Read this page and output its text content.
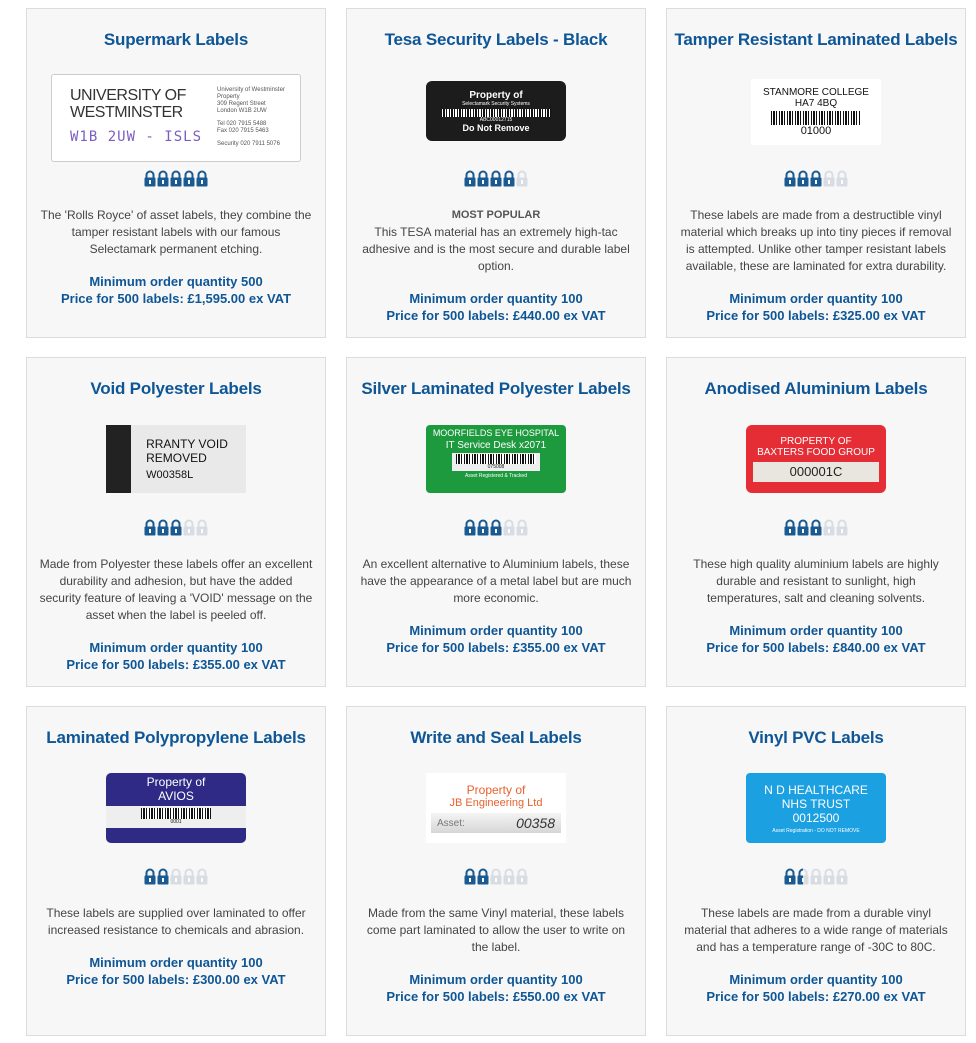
Supermark Labels
UNIVERSITY OF
WESTMINSTER
W1B 2UW - ISLS
University of Westminster
Property
309 Regent Street
London W1B 2UW
Tel 020 7915 5488
Fax 020 7915 5463
Security 020 7911 5076
The 'Rolls Royce' of asset labels, they combine the tamper resistant labels with our famous Selectamark permanent etching.
Minimum order quantity 500
Price for 500 labels: £1,595.00 ex VAT
Tesa Security Labels - Black
Property of
Selectamark Security Systems
ABC00012715
Do Not Remove
MOST POPULAR
This TESA material has an extremely high-tac adhesive and is the most secure and durable label option.
Minimum order quantity 100
Price for 500 labels: £440.00 ex VAT
Tamper Resistant Laminated Labels
STANMORE COLLEGE
HA7 4BQ
01000
These labels are made from a destructible vinyl material which breaks up into tiny pieces if removal is attempted. Unlike other tamper resistant labels available, these are laminated for extra durability.
Minimum order quantity 100
Price for 500 labels: £325.00 ex VAT
Void Polyester Labels
RRANTY VOID
REMOVED
W00358L
Made from Polyester these labels offer an excellent durability and adhesion, but have the added security feature of leaving a 'VOID' message on the asset when the label is peeled off.
Minimum order quantity 100
Price for 500 labels: £355.00 ex VAT
Silver Laminated Polyester Labels
MOORFIELDS EYE HOSPITAL
IT Service Desk x2071
075008
Asset Registered & Tracked
An excellent alternative to Aluminium labels, these have the appearance of a metal label but are much more economic.
Minimum order quantity 100
Price for 500 labels: £355.00 ex VAT
Anodised Aluminium Labels
PROPERTY OF
BAXTERS FOOD GROUP
000001C
These high quality aluminium labels are highly durable and resistant to sunlight, high temperatures, salt and cleaning solvents.
Minimum order quantity 100
Price for 500 labels: £840.00 ex VAT
Laminated Polypropylene Labels
Property of
AVIOS
0001
These labels are supplied over laminated to offer increased resistance to chemicals and abrasion.
Minimum order quantity 100
Price for 500 labels: £300.00 ex VAT
Write and Seal Labels
Property of
JB Engineering Ltd
Asset:	00358
Made from the same Vinyl material, these labels come part laminated to allow the user to write on the label.
Minimum order quantity 100
Price for 500 labels: £550.00 ex VAT
Vinyl PVC Labels
N D HEALTHCARE
NHS TRUST
0012500
Asset Registration - DO NOT REMOVE
These labels are made from a durable vinyl material that adheres to a wide range of materials and has a temperature range of -30C to 80C.
Minimum order quantity 100
Price for 500 labels: £270.00 ex VAT
